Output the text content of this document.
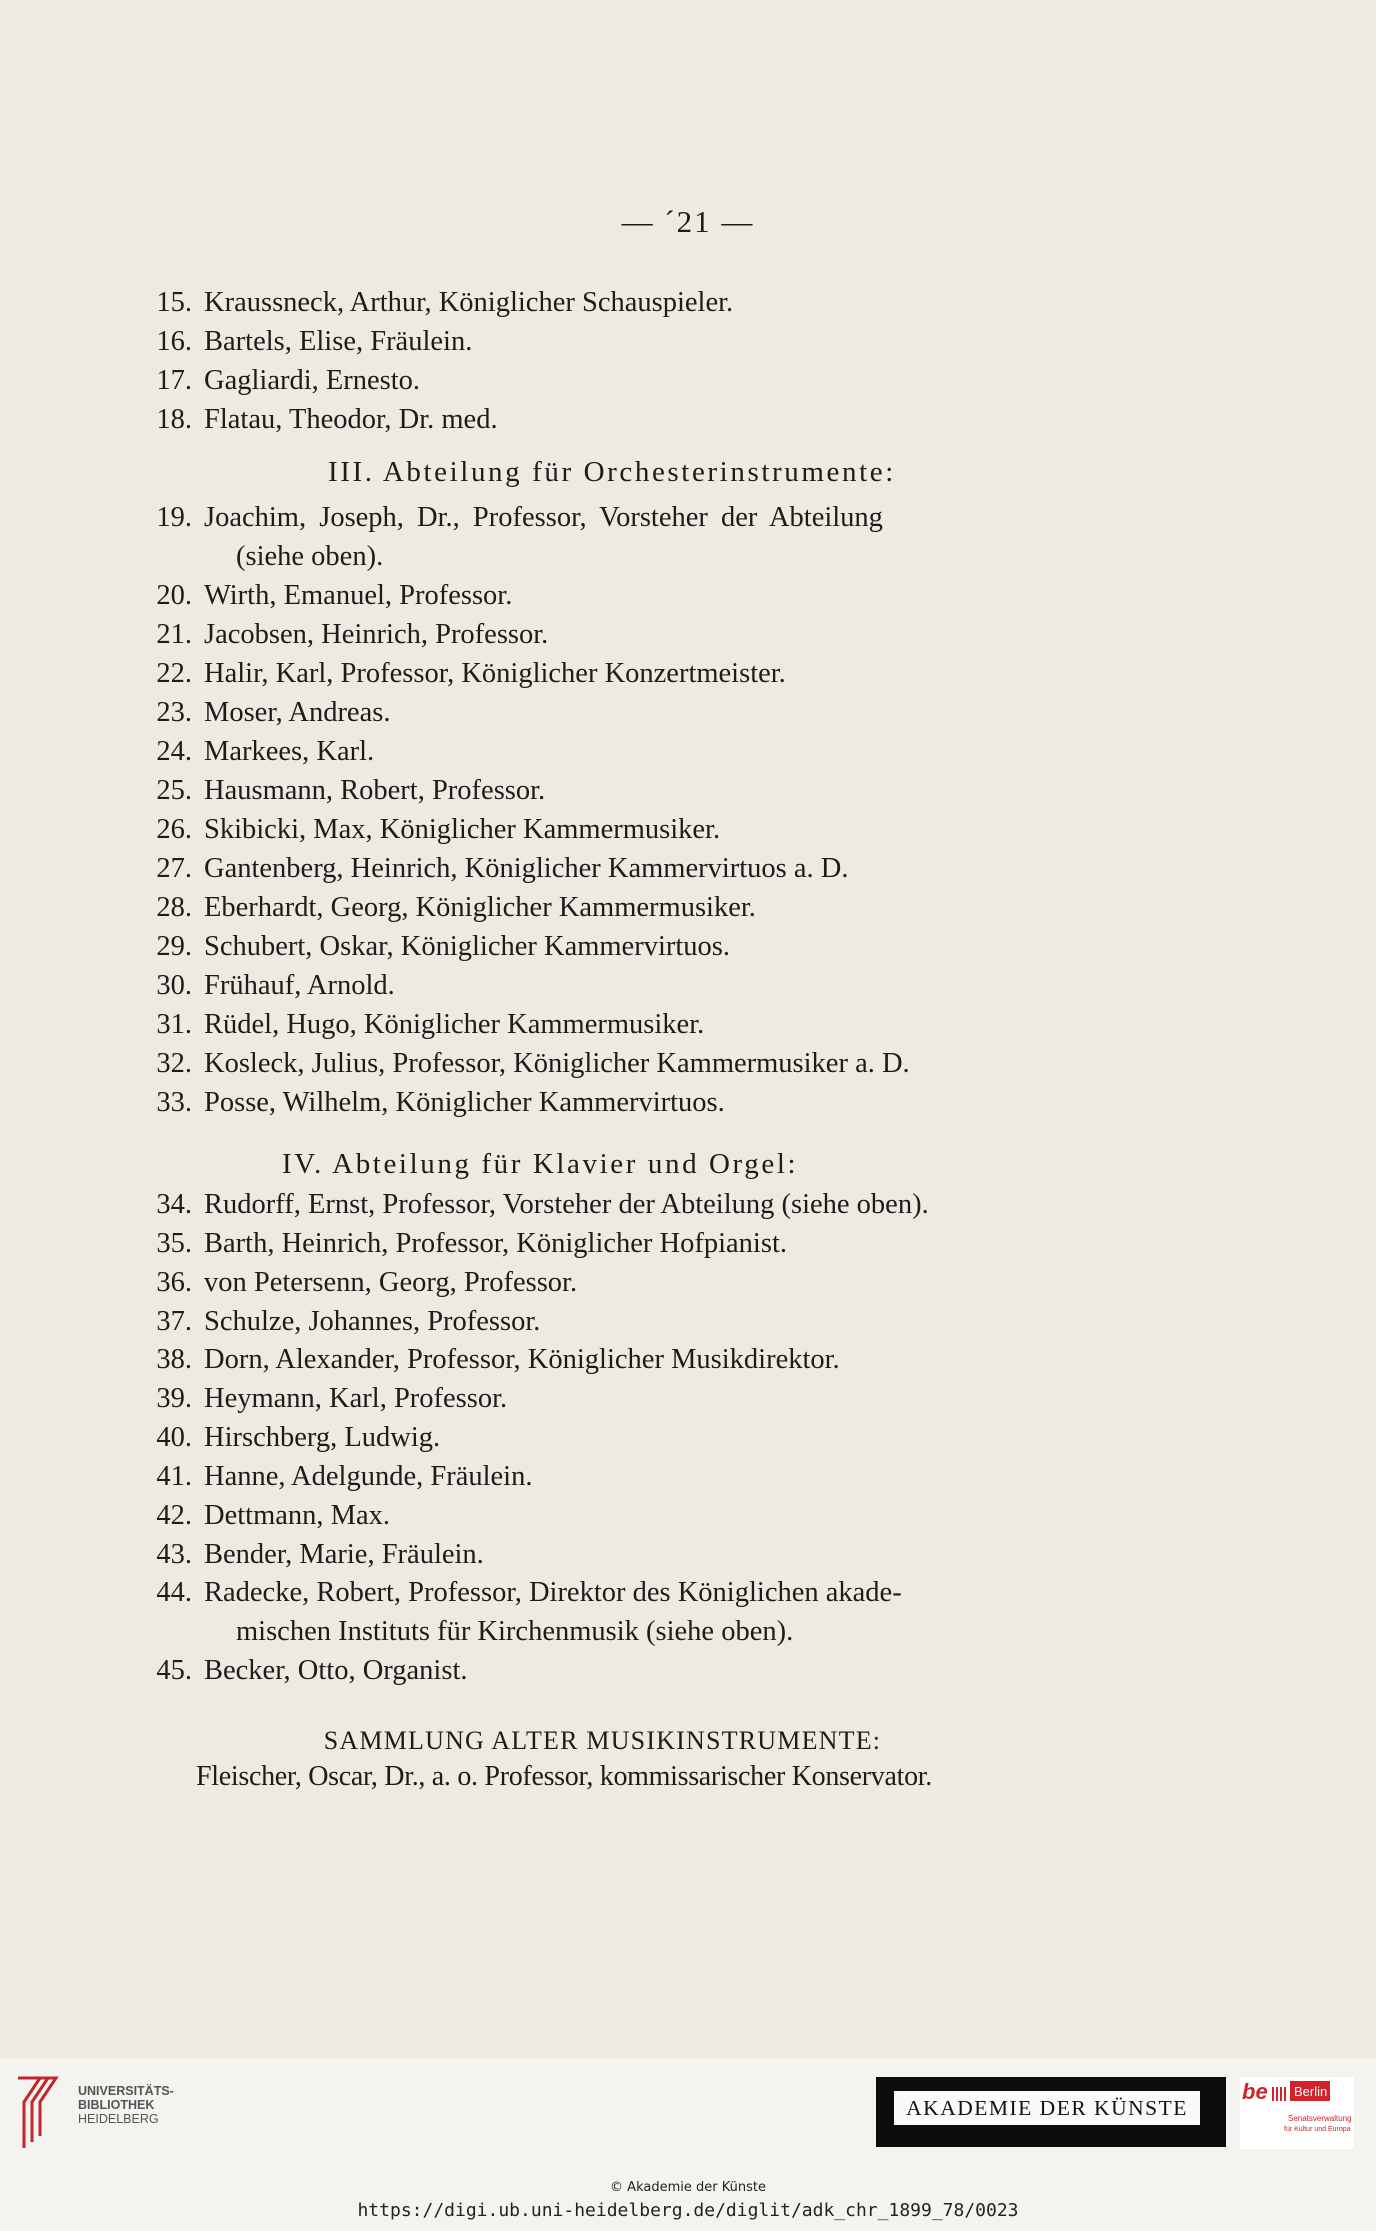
— ´21 —
15. Kraussneck, Arthur, Königlicher Schauspieler.
16. Bartels, Elise, Fräulein.
17. Gagliardi, Ernesto.
18. Flatau, Theodor, Dr. med.
III. Abteilung für Orchesterinstrumente:
19. Joachim, Joseph, Dr., Professor, Vorsteher der Abteilung
(siehe oben).
20. Wirth, Emanuel, Professor.
21. Jacobsen, Heinrich, Professor.
22. Halir, Karl, Professor, Königlicher Konzertmeister.
23. Moser, Andreas.
24. Markees, Karl.
25. Hausmann, Robert, Professor.
26. Skibicki, Max, Königlicher Kammermusiker.
27. Gantenberg, Heinrich, Königlicher Kammervirtuos a. D.
28. Eberhardt, Georg, Königlicher Kammermusiker.
29. Schubert, Oskar, Königlicher Kammervirtuos.
30. Frühauf, Arnold.
31. Rüdel, Hugo, Königlicher Kammermusiker.
32. Kosleck, Julius, Professor, Königlicher Kammermusiker a. D.
33. Posse, Wilhelm, Königlicher Kammervirtuos.
IV. Abteilung für Klavier und Orgel:
34. Rudorff, Ernst, Professor, Vorsteher der Abteilung (siehe oben).
35. Barth, Heinrich, Professor, Königlicher Hofpianist.
36. von Petersenn, Georg, Professor.
37. Schulze, Johannes, Professor.
38. Dorn, Alexander, Professor, Königlicher Musikdirektor.
39. Heymann, Karl, Professor.
40. Hirschberg, Ludwig.
41. Hanne, Adelgunde, Fräulein.
42. Dettmann, Max.
43. Bender, Marie, Fräulein.
44. Radecke, Robert, Professor, Direktor des Königlichen akade-
mischen Instituts für Kirchenmusik (siehe oben).
45. Becker, Otto, Organist.
SAMMLUNG ALTER MUSIKINSTRUMENTE:
Fleischer, Oscar, Dr., a. o. Professor, kommissarischer Konservator.
UNIVERSITÄTS-
BIBLIOTHEK
HEIDELBERG	AKADEMIE DER KÜNSTE
be Berlin
Senatsverwaltung
für Kultur und Europa
© Akademie der Künste
https://digi.ub.uni-heidelberg.de/diglit/adk_chr_1899_78/0023
